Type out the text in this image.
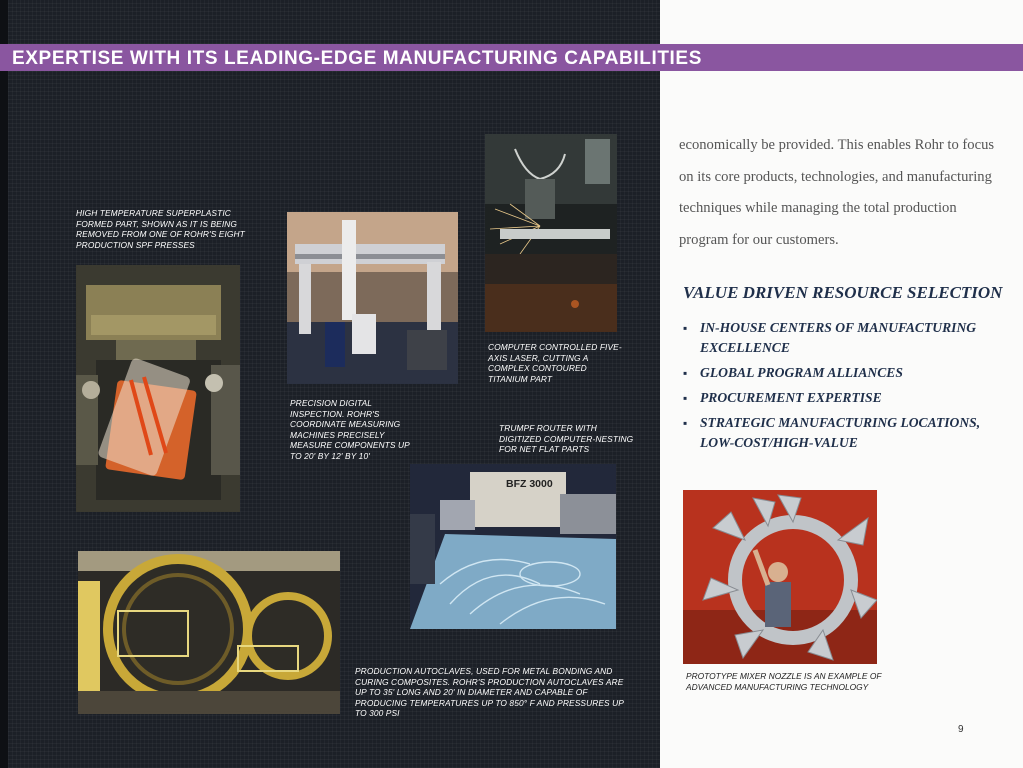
EXPERTISE WITH ITS LEADING-EDGE MANUFACTURING CAPABILITIES
HIGH TEMPERATURE SUPERPLASTIC FORMED PART, SHOWN AS IT IS BEING REMOVED FROM ONE OF ROHR'S EIGHT PRODUCTION SPF PRESSES
COMPUTER CONTROLLED FIVE-AXIS LASER, CUTTING A COMPLEX CONTOURED TITANIUM PART
PRECISION DIGITAL INSPECTION. ROHR'S COORDINATE MEASURING MACHINES PRECISELY MEASURE COMPONENTS UP TO 20' BY 12' BY 10'
TRUMPF ROUTER WITH DIGITIZED COMPUTER-NESTING FOR NET FLAT PARTS
BFZ 3000
PRODUCTION AUTOCLAVES, USED FOR METAL BONDING AND CURING COMPOSITES. ROHR'S PRODUCTION AUTOCLAVES ARE UP TO 35' LONG AND 20' IN DIAMETER AND CAPABLE OF PRODUCING TEMPERATURES UP TO 850° F AND PRESSURES UP TO 300 PSI
economically be provided. This enables Rohr to focus on its core products, technologies, and manufacturing techniques while managing the total production program for our customers.
VALUE DRIVEN RESOURCE SELECTION
▪ IN-HOUSE CENTERS OF MANUFACTURING EXCELLENCE
▪ GLOBAL PROGRAM ALLIANCES
▪ PROCUREMENT EXPERTISE
▪ STRATEGIC MANUFACTURING LOCATIONS, LOW-COST/HIGH-VALUE
PROTOTYPE MIXER NOZZLE IS AN EXAMPLE OF ADVANCED MANUFACTURING TECHNOLOGY
9
